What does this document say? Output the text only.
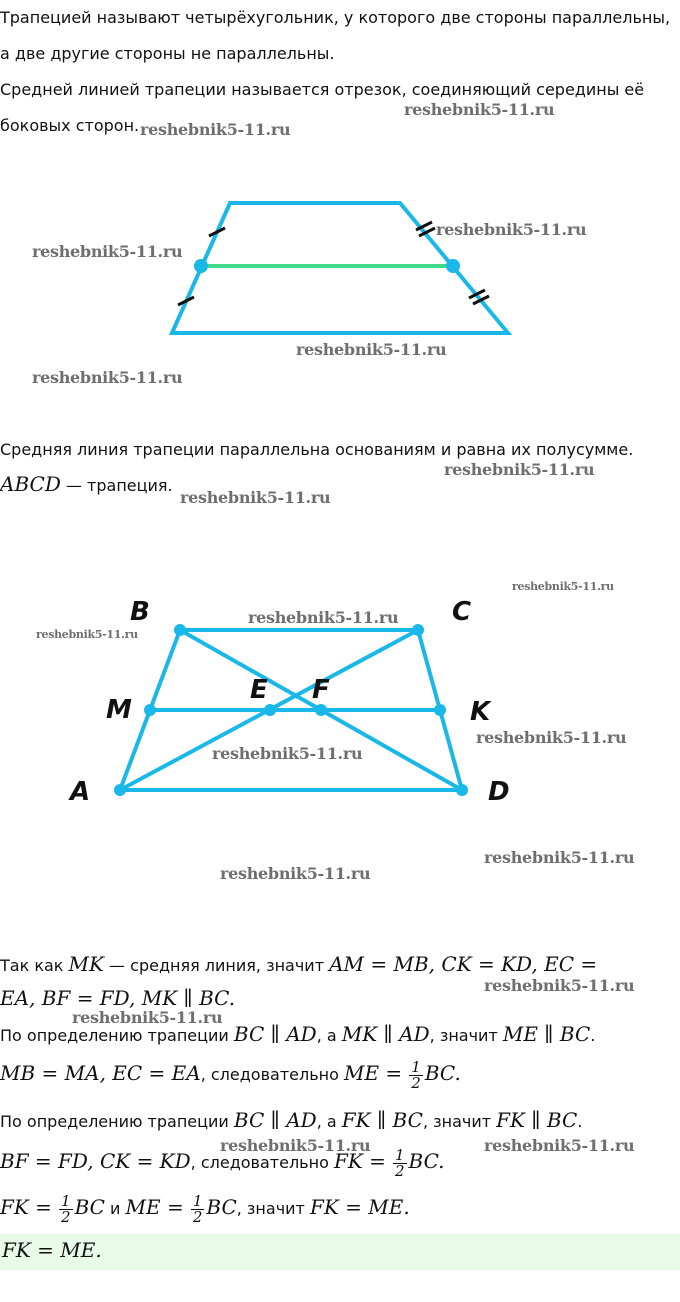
Трапецией называют четырёхугольник, у которого две стороны параллельны,
а две другие стороны не параллельны.
Средней линией трапеции называется отрезок, соединяющий середины её
боковых сторон.
Средняя линия трапеции параллельна основаниям и равна их полусумме.
ABCD — трапеция.
B	C
M
E F
K
A	D
Так как MK — средняя линия, значит AM = MB, CK = KD, EC =
EA, BF = FD, MK ∥ BC.
По определению трапеции BC ∥ AD, а MK ∥ AD, значит ME ∥ BC.
MB = MA, EC = EA, следовательно ME = $\frac{1}{2}$ BC.
По определению трапеции BC ∥ AD, а FK ∥ BC, значит FK ∥ BC.
BF = FD, CK = KD, следовательно FK = $\frac{1}{2}$ BC.
FK = $\frac{1}{2}$ BC и ME = $\frac{1}{2}$ BC, значит FK = ME.
FK = ME.
reshebnik5-11.ru
reshebnik5-11.ru
reshebnik5-11.ru
reshebnik5-11.ru
reshebnik5-11.ru
reshebnik5-11.ru
reshebnik5-11.ru
reshebnik5-11.ru
reshebnik5-11.ru
reshebnik5-11.ru
reshebnik5-11.ru
reshebnik5-11.ru
reshebnik5-11.ru
reshebnik5-11.ru
reshebnik5-11.ru
reshebnik5-11.ru
reshebnik5-11.ru
reshebnik5-11.ru	reshebnik5-11.ru
